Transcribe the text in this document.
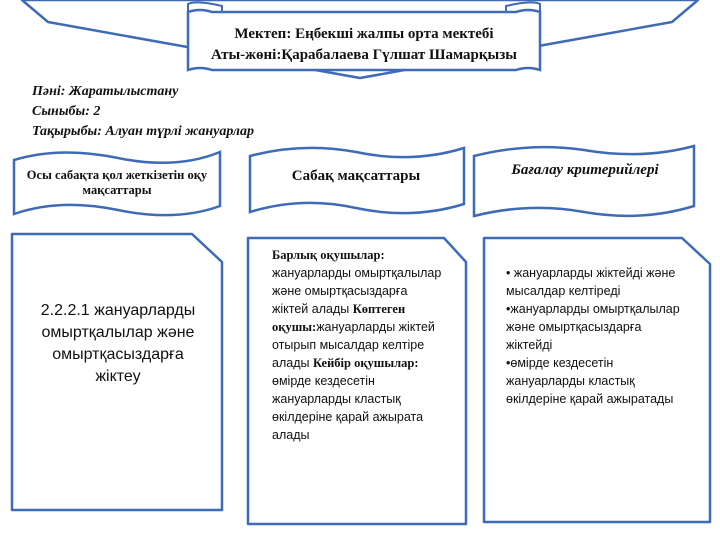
Мектеп: Еңбекші жалпы орта мектебі
Аты-жөні:Қарабалаева Гүлшат Шамарқызы
Пәні: Жаратылыстану
Сыныбы: 2
Тақырыбы: Алуан түрлі жануарлар
Осы сабақта қол жеткізетін оқу мақсаттары
Сабақ мақсаттары	Бағалау критерийлері
2.2.2.1 жануарларды омыртқалылар және омыртқасыздарға жіктеу
Барлық оқушылар: жануарларды омыртқалылар және омыртқасыздарға жіктей алады Көптеген оқушы:жануарларды жіктей отырып мысалдар келтіре алады Кейбір оқушылар: өмірде кездесетін жануарларды кластық өкілдеріне қарай ажырата алады
• жануарларды жіктейді және мысалдар келтіреді
•жануарларды омыртқалылар және омыртқасыздарға жіктейді
•өмірде кездесетін жануарларды кластық өкілдеріне қарай ажыратады
